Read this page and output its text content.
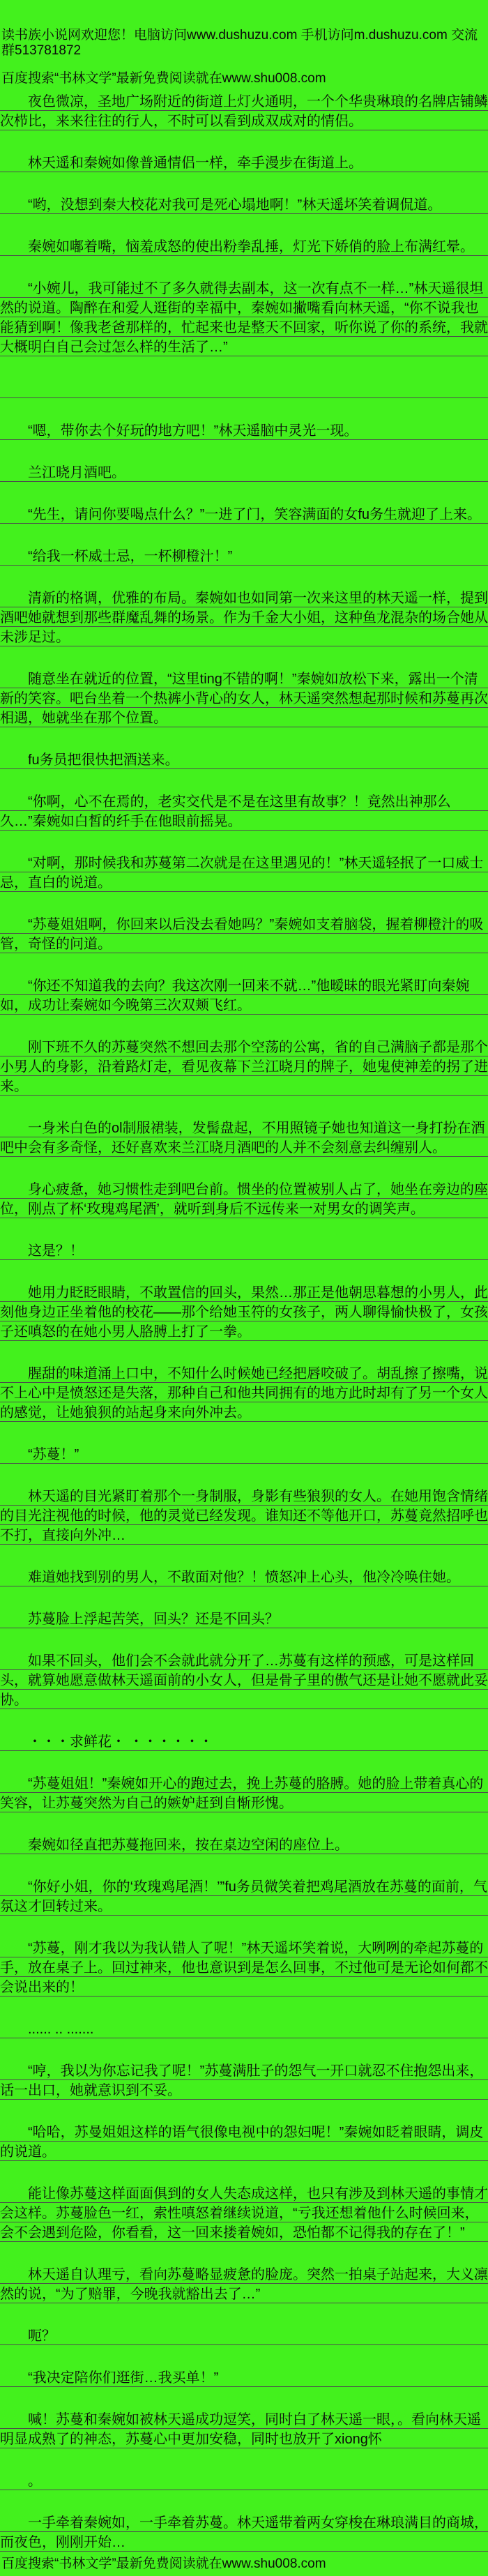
读书族小说网欢迎您！电脑访问www.dushuzu.com 手机访问m.dushuzu.com 交流群513781872

百度搜索“书林文学”最新免费阅读就在www.shu008.com

夜色微凉，圣地广场附近的街道上灯火通明，一个个华贵琳琅的名牌店铺鳞次栉比，来来往往的行人，不时可以看到成双成对的情侣。

林天遥和秦婉如像普通情侣一样，牵手漫步在街道上。

“哟，没想到秦大校花对我可是死心塌地啊！”林天遥坏笑着调侃道。

秦婉如嘟着嘴，恼羞成怒的使出粉拳乱捶，灯光下娇俏的脸上布满红晕。

“小婉儿，我可能过不了多久就得去副本，这一次有点不一样…”林天遥很坦然的说道。陶醉在和爱人逛街的幸福中，秦婉如撇嘴看向林天遥，“你不说我也能猜到啊！像我老爸那样的，忙起来也是整天不回家，听你说了你的系统，我就大概明白自己会过怎么样的生活了…”

“嗯，带你去个好玩的地方吧！”林天遥脑中灵光一现。

兰江晓月酒吧。

“先生，请问你要喝点什么？”一进了门，笑容满面的女fu务生就迎了上来。

“给我一杯威士忌，一杯柳橙汁！”

清新的格调，优雅的布局。秦婉如也如同第一次来这里的林天遥一样，提到酒吧她就想到那些群魔乱舞的场景。作为千金大小姐，这种鱼龙混杂的场合她从未涉足过。

随意坐在就近的位置，“这里ting不错的啊！”秦婉如放松下来，露出一个清新的笑容。吧台坐着一个热裤小背心的女人，林天遥突然想起那时候和苏蔓再次相遇，她就坐在那个位置。

fu务员把很快把酒送来。

“你啊，心不在焉的，老实交代是不是在这里有故事？！竟然出神那么久…”秦婉如白皙的纤手在他眼前摇晃。

“对啊，那时候我和苏蔓第二次就是在这里遇见的！”林天遥轻抿了一口威士忌，直白的说道。

“苏蔓姐姐啊，你回来以后没去看她吗？”秦婉如支着脑袋，握着柳橙汁的吸管，奇怪的问道。

“你还不知道我的去向？我这次刚一回来不就…”他暧昧的眼光紧盯向秦婉如，成功让秦婉如今晚第三次双颊飞红。

刚下班不久的苏蔓突然不想回去那个空荡的公寓，省的自己满脑子都是那个小男人的身影，沿着路灯走，看见夜幕下兰江晓月的牌子，她鬼使神差的拐了进来。

一身米白色的ol制服裙装，发髻盘起，不用照镜子她也知道这一身打扮在酒吧中会有多奇怪，还好喜欢来兰江晓月酒吧的人并不会刻意去纠缠别人。

身心疲惫，她习惯性走到吧台前。惯坐的位置被别人占了，她坐在旁边的座位，刚点了杯‘玫瑰鸡尾酒’，就听到身后不远传来一对男女的调笑声。

这是？！

她用力眨眨眼睛，不敢置信的回头，果然…那正是他朝思暮想的小男人，此刻他身边正坐着他的校花——那个给她玉符的女孩子，两人聊得愉快极了，女孩子还嗔怒的在她小男人胳膊上打了一拳。

腥甜的味道涌上口中，不知什么时候她已经把唇咬破了。胡乱擦了擦嘴，说不上心中是愤怒还是失落，那种自己和他共同拥有的地方此时却有了另一个女人的感觉，让她狼狈的站起身来向外冲去。

“苏蔓！”

林天遥的目光紧盯着那个一身制服，身影有些狼狈的女人。在她用饱含情绪的目光注视他的时候，他的灵觉已经发现。谁知还不等他开口，苏蔓竟然招呼也不打，直接向外冲…

难道她找到别的男人，不敢面对他？！愤怒冲上心头，他冷冷唤住她。

苏蔓脸上浮起苦笑，回头？还是不回头？

如果不回头，他们会不会就此就分开了…苏蔓有这样的预感，可是这样回头，就算她愿意做林天遥面前的小女人，但是骨子里的傲气还是让她不愿就此妥协。

・・・求鲜花・ ・・・・・・

“苏蔓姐姐！”秦婉如开心的跑过去，挽上苏蔓的胳膊。她的脸上带着真心的笑容，让苏蔓突然为自己的嫉妒赶到自惭形愧。

秦婉如径直把苏蔓拖回来，按在桌边空闲的座位上。

“你好小姐，你的‘玫瑰鸡尾酒！’”fu务员微笑着把鸡尾酒放在苏蔓的面前，气氛这才回转过来。

“苏蔓，刚才我以为我认错人了呢！”林天遥坏笑着说，大咧咧的牵起苏蔓的手，放在桌子上。回过神来，他也意识到是怎么回事，不过他可是无论如何都不会说出来的！

...... .. .......

“哼，我以为你忘记我了呢！”苏蔓满肚子的怨气一开口就忍不住抱怨出来，话一出口，她就意识到不妥。

“哈哈，苏曼姐姐这样的语气很像电视中的怨妇呢！”秦婉如眨着眼睛，调皮的说道。

能让像苏蔓这样面面俱到的女人失态成这样，也只有涉及到林天遥的事情才会这样。苏蔓脸色一红，索性嗔怒着继续说道，“亏我还想着他什么时候回来，会不会遇到危险，你看看，这一回来搂着婉如，恐怕都不记得我的存在了！”

林天遥自认理亏，看向苏蔓略显疲惫的脸庞。突然一拍桌子站起来，大义凛然的说，“为了赔罪，今晚我就豁出去了…”

呃？

“我决定陪你们逛街…我买单！”

喊！苏蔓和秦婉如被林天遥成功逗笑，同时白了林天遥一眼，。看向林天遥明显成熟了的神态，苏蔓心中更加安稳，同时也放开了xiong怀

。

一手牵着秦婉如，一手牵着苏蔓。林天遥带着两女穿梭在琳琅满目的商城，而夜色，刚刚开始…

百度搜索“书林文学”最新免费阅读就在www.shu008.com
